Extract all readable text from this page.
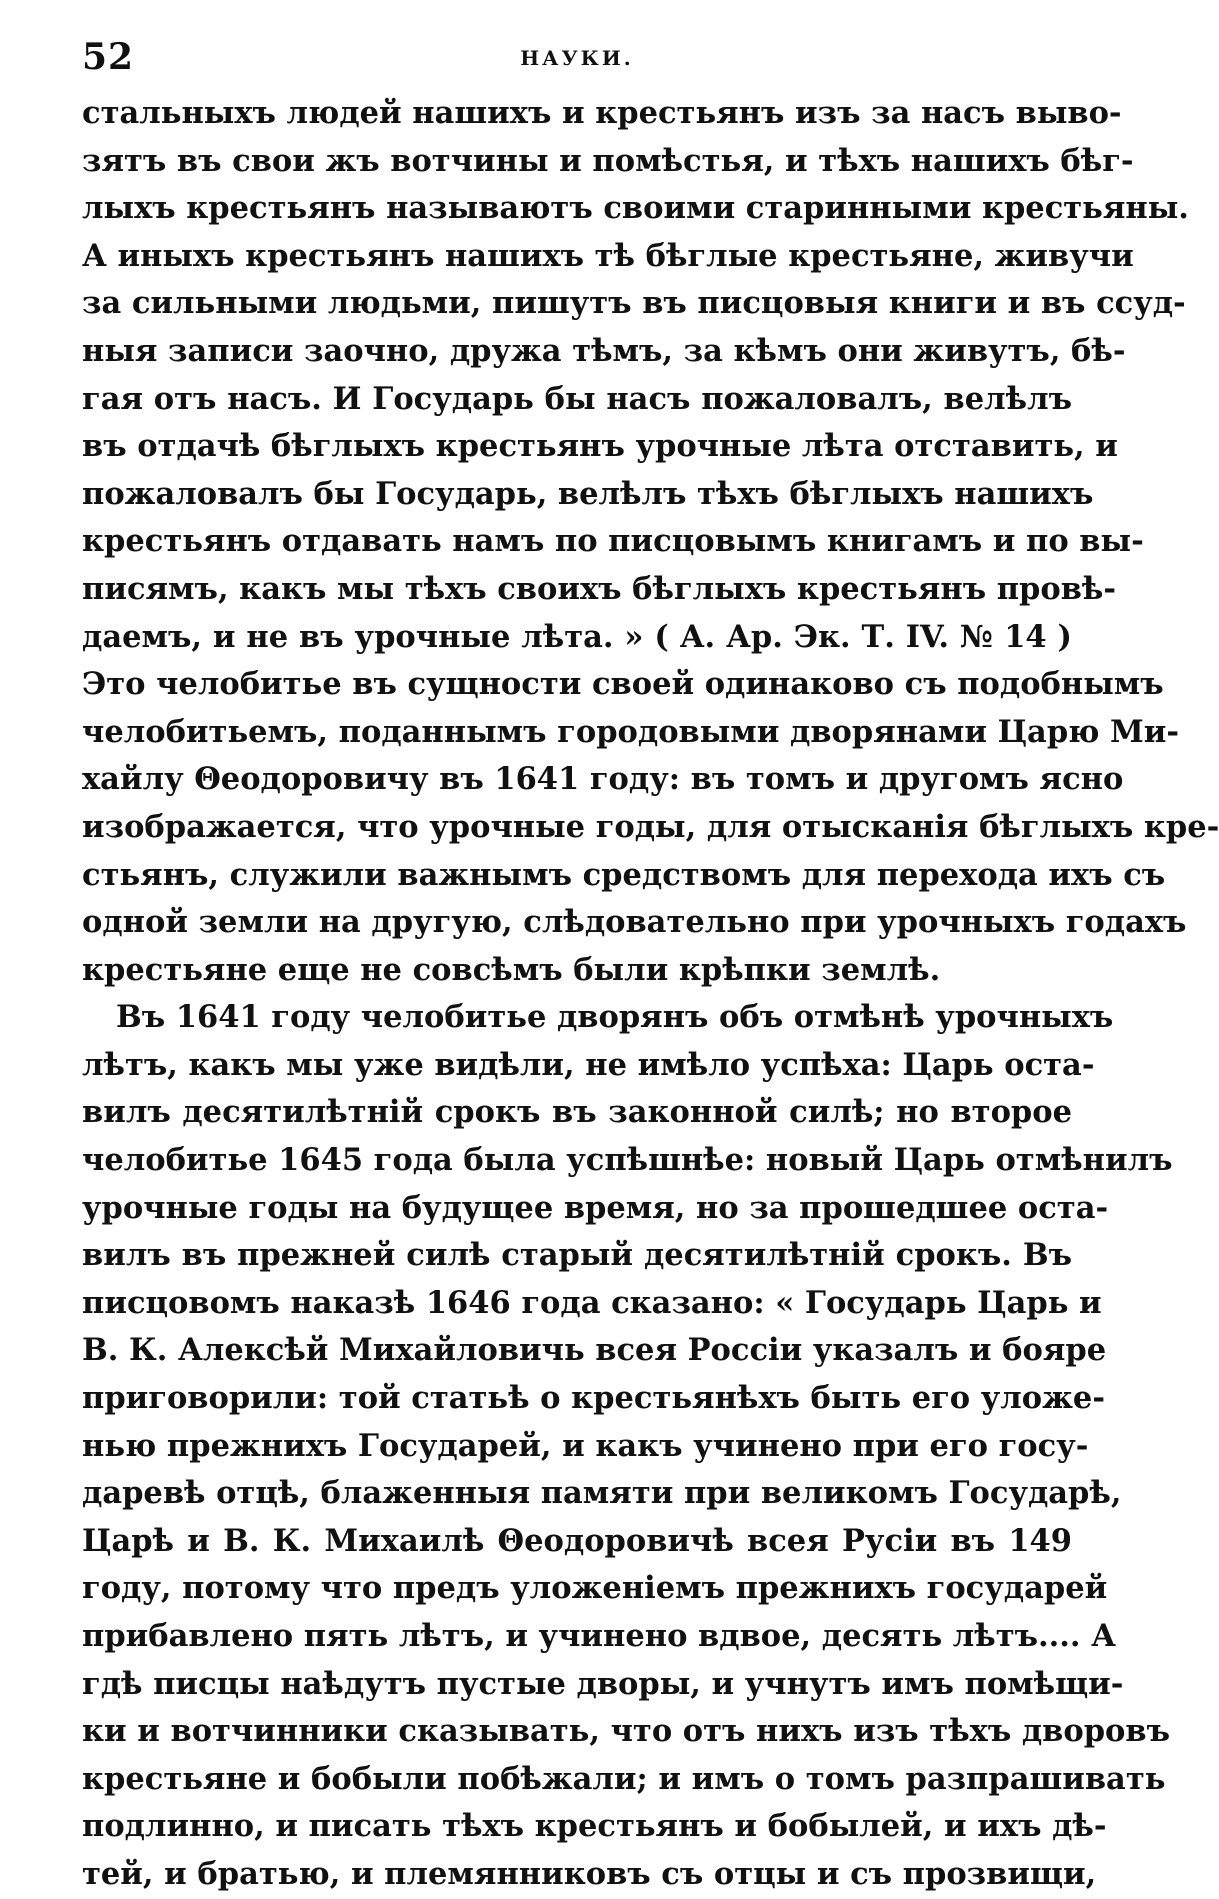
52	НАУКИ.
стальныхъ людей нашихъ и крестьянъ изъ за насъ выво-
зятъ въ свои жъ вотчины и помѣстья, и тѣхъ нашихъ бѣг-
лыхъ крестьянъ называютъ своими старинными крестьяны.
А иныхъ крестьянъ нашихъ тѣ бѣглые крестьяне, живучи
за сильными людьми, пишутъ въ писцовыя книги и въ ссуд-
ныя записи заочно, дружа тѣмъ, за кѣмъ они живутъ, бѣ-
гая отъ насъ. И Государь бы насъ пожаловалъ, велѣлъ
въ отдачѣ бѣглыхъ крестьянъ урочные лѣта отставить, и
пожаловалъ бы Государь, велѣлъ тѣхъ бѣглыхъ нашихъ
крестьянъ отдавать намъ по писцовымъ книгамъ и по вы-
писямъ, какъ мы тѣхъ своихъ бѣглыхъ крестьянъ провѣ-
даемъ, и не въ урочные лѣта. » ( А. Ар. Эк. Т. IV. № 14 )
Это челобитье въ сущности своей одинаково съ подобнымъ
челобитьемъ, поданнымъ городовыми дворянами Царю Ми-
хайлу Θеодоровичу въ 1641 году: въ томъ и другомъ ясно
изображается, что урочные годы, для отысканія бѣглыхъ кре-
стьянъ, служили важнымъ средствомъ для перехода ихъ съ
одной земли на другую, слѣдовательно при урочныхъ годахъ
крестьяне еще не совсѣмъ были крѣпки землѣ.
Въ 1641 году челобитье дворянъ объ отмѣнѣ урочныхъ
лѣтъ, какъ мы уже видѣли, не имѣло успѣха: Царь оста-
вилъ десятилѣтній срокъ въ законной силѣ; но второе
челобитье 1645 года была успѣшнѣе: новый Царь отмѣнилъ
урочные годы на будущее время, но за прошедшее оста-
вилъ въ прежней силѣ старый десятилѣтній срокъ. Въ
писцовомъ наказѣ 1646 года сказано: « Государь Царь и
В. К. Алексѣй Михайловичь всея Россіи указалъ и бояре
приговорили: той статьѣ о крестьянѣхъ быть его уложе-
нью прежнихъ Государей, и какъ учинено при его госу-
даревѣ отцѣ, блаженныя памяти при великомъ Государѣ,
Царѣ и В. К. Михаилѣ Θеодоровичѣ всея Русіи въ 149
году, потому что предъ уложеніемъ прежнихъ государей
прибавлено пять лѣтъ, и учинено вдвое, десять лѣтъ.... А
гдѣ писцы наѣдутъ пустые дворы, и учнутъ имъ помѣщи-
ки и вотчинники сказывать, что отъ нихъ изъ тѣхъ дворовъ
крестьяне и бобыли побѣжали; и имъ о томъ разпрашивать
подлинно, и писать тѣхъ крестьянъ и бобылей, и ихъ дѣ-
тей, и братью, и племянниковъ съ отцы и съ прозвищи,
